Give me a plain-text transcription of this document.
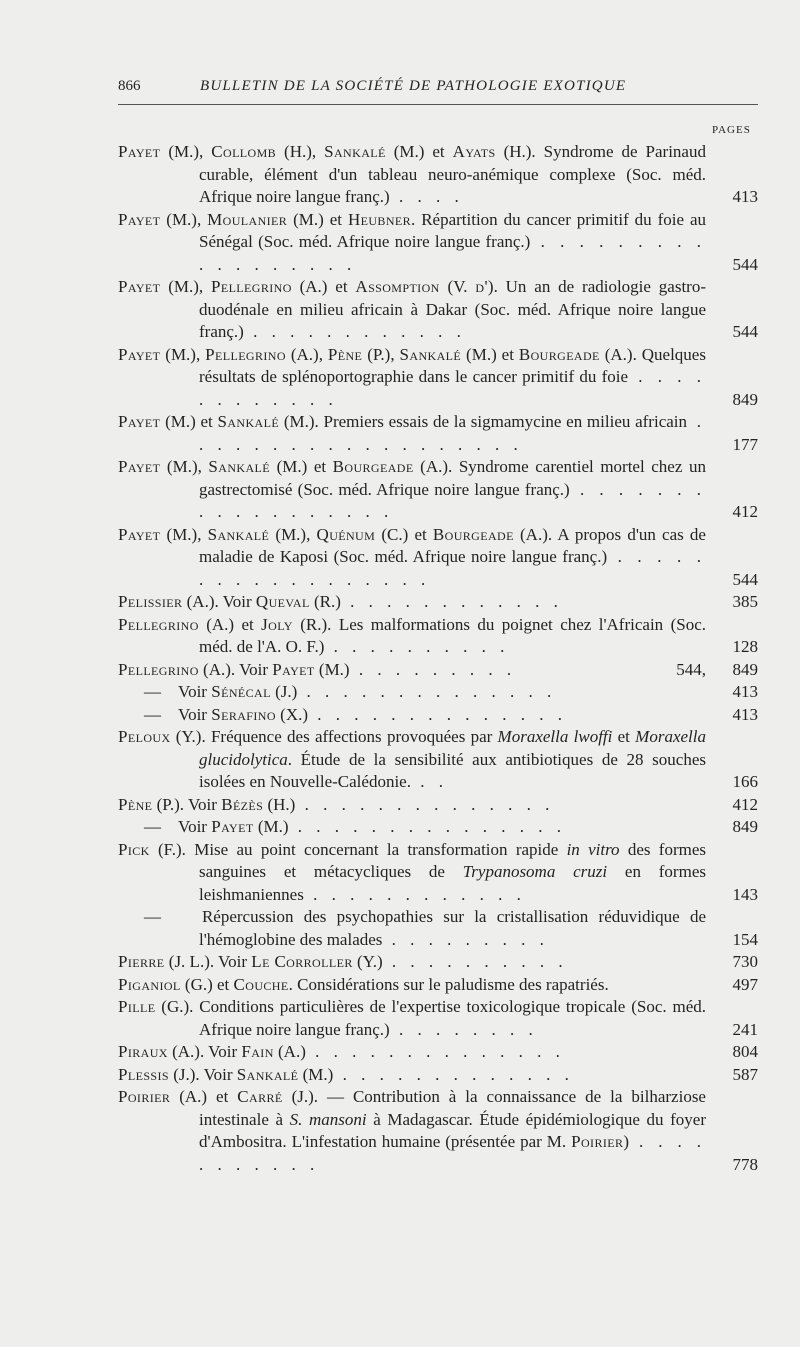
866	BULLETIN DE LA SOCIÉTÉ DE PATHOLOGIE EXOTIQUE
PAGES
Payet (M.), Collomb (H.), Sankalé (M.) et Ayats (H.). Syndrome de Parinaud curable, élément d'un tableau neuro-anémique complexe (Soc. méd. Afrique noire langue franç.) . . . .	413
Payet (M.), Moulanier (M.) et Heubner. Répartition du cancer primitif du foie au Sénégal (Soc. méd. Afrique noire langue franç.) . . . . . . . . . . . . . . . . . .	544
Payet (M.), Pellegrino (A.) et Assomption (V. d'). Un an de radiologie gastro-duodénale en milieu africain à Dakar (Soc. méd. Afrique noire langue franç.) . . . . . . . . . . . .	544
Payet (M.), Pellegrino (A.), Pène (P.), Sankalé (M.) et Bourgeade (A.). Quelques résultats de splénoportographie dans le cancer primitif du foie . . . . . . . . . . . .	849
Payet (M.) et Sankalé (M.). Premiers essais de la sigmamycine en milieu africain . . . . . . . . . . . . . . . . . . .	177
Payet (M.), Sankalé (M.) et Bourgeade (A.). Syndrome carentiel mortel chez un gastrectomisé (Soc. méd. Afrique noire langue franç.) . . . . . . . . . . . . . . . . . .	412
Payet (M.), Sankalé (M.), Quénum (C.) et Bourgeade (A.). A propos d'un cas de maladie de Kaposi (Soc. méd. Afrique noire langue franç.) . . . . . . . . . . . . . . . . . .	544
Pelissier (A.). Voir Queval (R.) . . . . . . . . . . . .	385
Pellegrino (A.) et Joly (R.). Les malformations du poignet chez l'Africain (Soc. méd. de l'A. O. F.) . . . . . . . . . .	128
Pellegrino (A.). Voir Payet (M.) . . . . . . . . .	544, 849
— Voir Sénécal (J.) . . . . . . . . . . . . . .	413
— Voir Serafino (X.) . . . . . . . . . . . . . .	413
Peloux (Y.). Fréquence des affections provoquées par Moraxella lwoffi et Moraxella glucidolytica. Étude de la sensibilité aux antibiotiques de 28 souches isolées en Nouvelle-Calédonie. . .	166
Pène (P.). Voir Bézès (H.) . . . . . . . . . . . . . .	412
— Voir Payet (M.) . . . . . . . . . . . . . . .	849
Pick (F.). Mise au point concernant la transformation rapide in vitro des formes sanguines et métacycliques de Trypanosoma cruzi en formes leishmaniennes . . . . . . . . . . . .	143
— Répercussion des psychopathies sur la cristallisation réduvidique de l'hémoglobine des malades . . . . . . . . .	154
Pierre (J. L.). Voir Le Corroller (Y.) . . . . . . . . . .	730
Piganiol (G.) et Couche. Considérations sur le paludisme des rapatriés.	497
Pille (G.). Conditions particulières de l'expertise toxicologique tropicale (Soc. méd. Afrique noire langue franç.) . . . . . . . .	241
Piraux (A.). Voir Fain (A.) . . . . . . . . . . . . . .	804
Plessis (J.). Voir Sankalé (M.) . . . . . . . . . . . . .	587
Poirier (A.) et Carré (J.). — Contribution à la connaissance de la bilharziose intestinale à S. mansoni à Madagascar. Étude épidémiologique du foyer d'Ambositra. L'infestation humaine (présentée par M. Poirier) . . . . . . . . . . .	778
